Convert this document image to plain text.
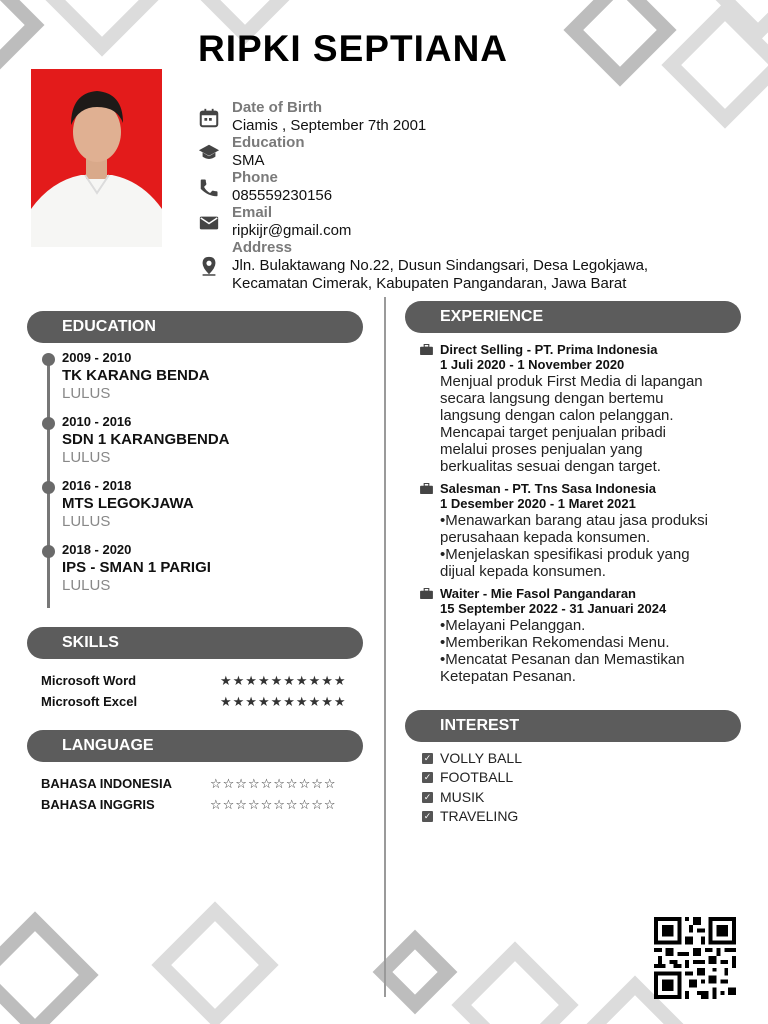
RIPKI SEPTIANA
Date of Birth
Ciamis , September 7th 2001
Education
SMA
Phone
085559230156
Email
ripkijr@gmail.com
Address
Jln. Bulaktawang No.22, Dusun Sindangsari, Desa Legokjawa,
Kecamatan Cimerak, Kabupaten Pangandaran, Jawa Barat
EDUCATION
2009 - 2010
TK KARANG BENDA
LULUS
2010 - 2016
SDN 1 KARANGBENDA
LULUS
2016 - 2018
MTS LEGOKJAWA
LULUS
2018 - 2020
IPS - SMAN 1 PARIGI
LULUS
SKILLS
Microsoft Word	★★★★★★★★★★
Microsoft Excel	★★★★★★★★★★
LANGUAGE
BAHASA INDONESIA	☆☆☆☆☆☆☆☆☆☆
BAHASA INGGRIS	☆☆☆☆☆☆☆☆☆☆
EXPERIENCE
Direct Selling - PT. Prima Indonesia
1 Juli 2020 - 1 November 2020
Menjual produk First Media di lapangan
secara langsung dengan bertemu
langsung dengan calon pelanggan.
Mencapai target penjualan pribadi
melalui proses penjualan yang
berkualitas sesuai dengan target.
Salesman - PT. Tns Sasa Indonesia
1 Desember 2020 - 1 Maret 2021
•Menawarkan barang atau jasa produksi
perusahaan kepada konsumen.
•Menjelaskan spesifikasi produk yang
dijual kepada konsumen.
Waiter - Mie Fasol Pangandaran
15 September 2022 - 31 Januari 2024
•Melayani Pelanggan.
•Memberikan Rekomendasi Menu.
•Mencatat Pesanan dan Memastikan
Ketepatan Pesanan.
INTEREST
✓ VOLLY BALL
✓ FOOTBALL
✓ MUSIK
✓ TRAVELING
